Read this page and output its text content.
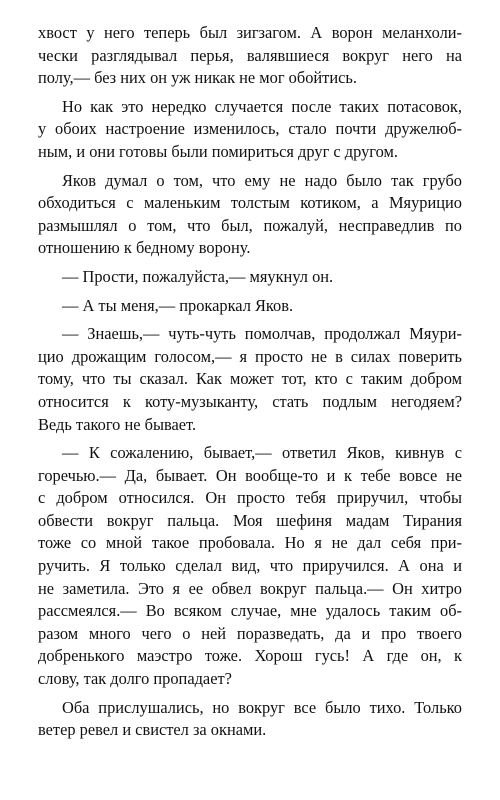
хвост у него теперь был зигзагом. А ворон меланхоли-
чески разглядывал перья, валявшиеся вокруг него на
полу,— без них он уж никак не мог обойтись.
Но как это нередко случается после таких потасовок,
у обоих настроение изменилось, стало почти дружелюб-
ным, и они готовы были помириться друг с другом.
Яков думал о том, что ему не надо было так грубо
обходиться с маленьким толстым котиком, а Мяурицио
размышлял о том, что был, пожалуй, несправедлив по
отношению к бедному ворону.
— Прости, пожалуйста,— мяукнул он.
— А ты меня,— прокаркал Яков.
— Знаешь,— чуть-чуть помолчав, продолжал Мяури-
цио дрожащим голосом,— я просто не в силах поверить
тому, что ты сказал. Как может тот, кто с таким добром
относится к коту-музыканту, стать подлым негодяем?
Ведь такого не бывает.
— К сожалению, бывает,— ответил Яков, кивнув с
горечью.— Да, бывает. Он вообще-то и к тебе вовсе не
с добром относился. Он просто тебя приручил, чтобы
обвести вокруг пальца. Моя шефиня мадам Тирания
тоже со мной такое пробовала. Но я не дал себя при-
ручить. Я только сделал вид, что приручился. А она и
не заметила. Это я ее обвел вокруг пальца.— Он хитро
рассмеялся.— Во всяком случае, мне удалось таким об-
разом много чего о ней поразведать, да и про твоего
добренького маэстро тоже. Хорош гусь! А где он, к
слову, так долго пропадает?
Оба прислушались, но вокруг все было тихо. Только
ветер ревел и свистел за окнами.
